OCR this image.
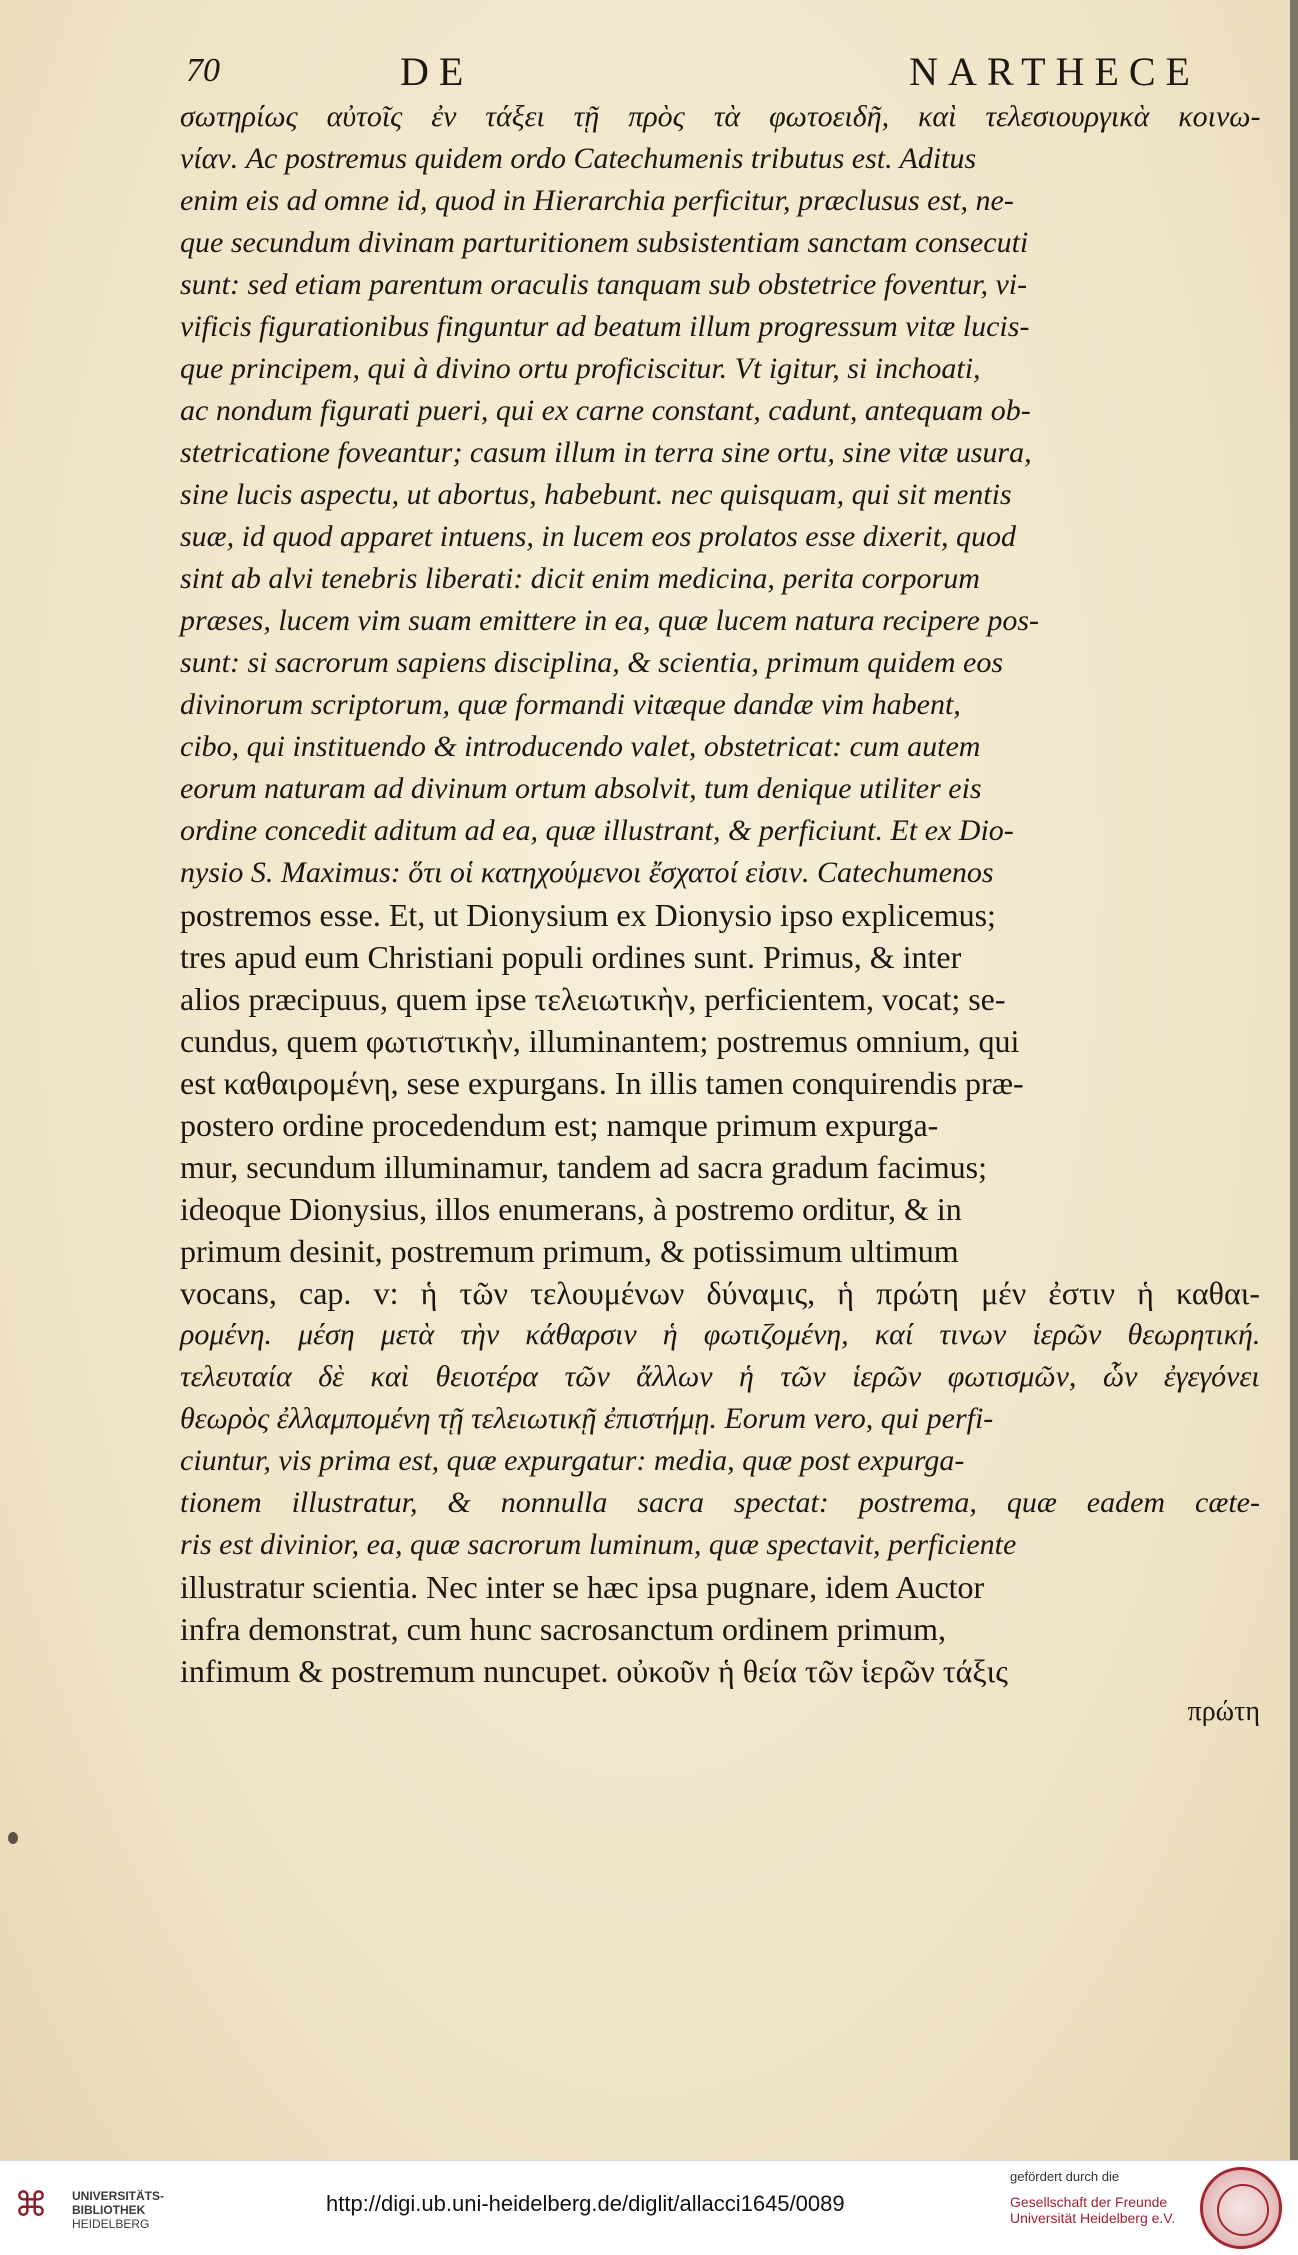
70	DE NARTHECE
σωτηρίως αὐτοῖς ἐν τάξει τῇ πρὸς τὰ φωτοειδῆ, καὶ τελεσιουργικὰ κοινω-
νίαν. Ac postremus quidem ordo Catechumenis tributus est. Aditus
enim eis ad omne id, quod in Hierarchia perficitur, præclusus est, ne-
que secundum divinam parturitionem subsistentiam sanctam consecuti
sunt: sed etiam parentum oraculis tanquam sub obstetrice foventur, vi-
vificis figurationibus finguntur ad beatum illum progressum vitæ lucis-
que principem, qui à divino ortu proficiscitur. Vt igitur, si inchoati,
ac nondum figurati pueri, qui ex carne constant, cadunt, antequam ob-
stetricatione foveantur; casum illum in terra sine ortu, sine vitæ usura,
sine lucis aspectu, ut abortus, habebunt. nec quisquam, qui sit mentis
suæ, id quod apparet intuens, in lucem eos prolatos esse dixerit, quod
sint ab alvi tenebris liberati: dicit enim medicina, perita corporum
præses, lucem vim suam emittere in ea, quæ lucem natura recipere pos-
sunt: si sacrorum sapiens disciplina, & scientia, primum quidem eos
divinorum scriptorum, quæ formandi vitæque dandæ vim habent,
cibo, qui instituendo & introducendo valet, obstetricat: cum autem
eorum naturam ad divinum ortum absolvit, tum denique utiliter eis
ordine concedit aditum ad ea, quæ illustrant, & perficiunt. Et ex Dio-
nysio S. Maximus: ὅτι οἱ κατηχούμενοι ἔσχατοί εἰσιν. Catechumenos
postremos esse. Et, ut Dionysium ex Dionysio ipso explicemus;
tres apud eum Christiani populi ordines sunt. Primus, & inter
alios præcipuus, quem ipse τελειωτικὴν, perficientem, vocat; se-
cundus, quem φωτιστικὴν, illuminantem; postremus omnium, qui
est καθαιρομένη, sese expurgans. In illis tamen conquirendis præ-
postero ordine procedendum est; namque primum expurga-
mur, secundum illuminamur, tandem ad sacra gradum facimus;
ideoque Dionysius, illos enumerans, à postremo orditur, & in
primum desinit, postremum primum, & potissimum ultimum
vocans, cap. v: ἡ τῶν τελουμένων δύναμις, ἡ πρώτη μέν ἐστιν ἡ καθαι-
ρομένη. μέση μετὰ τὴν κάθαρσιν ἡ φωτιζομένη, καί τινων ἱερῶν θεωρητική.
τελευταία δὲ καὶ θειοτέρα τῶν ἄλλων ἡ τῶν ἱερῶν φωτισμῶν, ὧν ἐγεγόνει
θεωρὸς ἐλλαμπομένη τῇ τελειωτικῇ ἐπιστήμῃ. Eorum vero, qui perfi-
ciuntur, vis prima est, quæ expurgatur: media, quæ post expurga-
tionem illustratur, & nonnulla sacra spectat: postrema, quæ eadem cæte-
ris est divinior, ea, quæ sacrorum luminum, quæ spectavit, perficiente
illustratur scientia. Nec inter se hæc ipsa pugnare, idem Auctor
infra demonstrat, cum hunc sacrosanctum ordinem primum,
infimum & postremum nuncupet. οὐκοῦν ἡ θεία τῶν ἱερῶν τάξις
πρώτη
⌘	UNIVERSITÄTS-
BIBLIOTHEK
HEIDELBERG
http://digi.ub.uni-heidelberg.de/diglit/allacci1645/0089
gefördert durch die
Gesellschaft der Freunde
Universität Heidelberg e.V.
